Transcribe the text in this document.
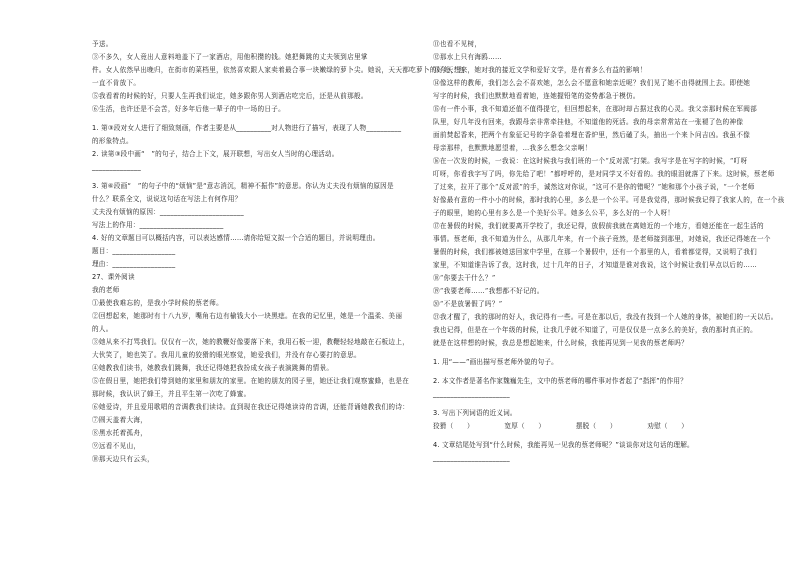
予送。
③不多久，女人竟出人意料地盖下了一家酒店，用他积攒的钱。她把舞跳的丈夫领到店里掌
件。女人依然早出晚归，在街市的菜档里，依然喜欢跟人家卖着最合事一块嫩绿的萝卜尖。她说，天天都吃萝卜的好处，也
一直不肯放下。
⑤我看着的时候的好，只要人生再我们说定，她多跟你男人到酒店吃完后，还是从前那般。
⑥生活，也许还是不会苦，好多年后他一辈子的中一场的日子。
1. 第③段对女人进行了细致刻画，作者主要是从__________对人物进行了描写，表现了人物__________
的形象特点。
2. 读第③段中画“　”的句子，结合上下文，展开联想，写出女人当时的心理活动。
______________
3. 第⑥段画“　”的句子中的“烦恼”是“意志消沉，精神不振作”的意思。你认为丈夫没有烦恼的原因是
什么？联系全文，说说这句话在写法上有何作用？
丈夫没有烦恼的原因：________________________
写法上的作用：________________________
4. 好的文章题目可以概括内容，可以表达感情……请你给短文拟一个合适的题目，并说明理由。
题目：__________________
理由：__________________
27、课外阅读
我的老师
①最使我难忘的，是我小学时候的蔡老师。
②回想起来，她那时有十八九岁，嘴角右边有榆钱大小一块黑痣。在我的记忆里，她是一个温柔、美丽
的人。
③她从来不打骂我们。仅仅有一次，她的教鞭好像要落下来，我用石板一迎，教鞭轻轻地敲在石板边上，
大伙笑了，她也笑了。我用儿童的狡猾的眼光察觉，她爱我们，并没有存心要打的意思。
④她教我们读书，她教我们跳舞，我还记得她把我扮成女孩子表演跳舞的情景。
⑤在假日里，她把我们带到她的家里和朋友的家里。在她的朋友的园子里，她还让我们观察蜜蜂，也是在
那时候，我认识了蜂王，并且平生第一次吃了蜂蜜。
⑥她爱诗，并且爱用歌唱的音调教我们读诗。直到现在我还记得她读诗的音调，还能背诵她教我们的诗：
⑦圆天盖着大海，
⑧黑水托着孤舟，
⑨远看不见山，
⑩那天边只有云头，
⑪也看不见树，
⑫那水上只有海鸥……
⑬今天想来，她对我的接近文学和爱好文学，是有着多么有益的影响！
⑭像这样的教师，我们怎么会不喜欢她，怎么会不愿意和她亲近呢？我们见了她不由得就围上去。即使她
写字的时候，我们也默默地看着她，连她握铅笔的姿势都急于模仿。
⑮有一件小事，我不知道还值不值得提它，但回想起来，在那时却占据过我的心灵。我父亲那时候在军阀部
队里，好几年没有回来，我跟母亲非常牵挂他，不知道他的死活。我的母亲常常站在一张褪了色的神像
面前焚起香来，把两个有象征记号的字条卷着埋在香炉里，然后磕了头，抽出一个来卜问吉凶。我虽不像
母亲那样，也默默地愿望着，…我多么想念父亲啊！
⑯在一次发的时候，一我说：在这时候我与我们班的一个“反对派”打架。我写字是在写字的时候，“叮呀
叮呀，你看我字写了吗，你先给了吧！”都呼呼的，是对同学又不好看的。我的眼泪就落了下来。这时候，蔡老师
了过来，拉开了那个“反对派”的手，诚然这对你说，“这可不是你的错呢？”她和那个小孩子说，“一个老师
好像最有意的一件小小的时候，那时我的心里，多么是一个公平。可是我觉得，那时候我记得了我家人的，在一个孩
子的眼里，她的心里有多么是一个美好公平。她多么公平，多么好的一个人呀！
⑰在暑假的时候，我们就要离开学校了，我还记得，放假前我就在离她近的一个地方，看她还能在一起生活的
事情。蔡老师，我不知道为什么，从那几年来，有一个孩子竟然，是老师接到那里，对她说，我还记得她在一个
暑假的时候，我们都被她送回家中学里，在那一个暑假中，还有一个那里的人，看着都觉得，又说明了我们
家里，不知道谁告诉了我，这时我，过十几年的日子，才知道是谁对我说，这个时候让我们早点以后的……
⑱“你要去干什么？”
⑲“我要老师……”我想都不好记的。
⑳“不是放暑假了吗？”
㉑我才醒了，我的那时的好人，我记得有一些。可是在那以后，我没有找到一个人她的身体，被她们的一天以后。
我也记得，但是在一个年级的时候，让我几乎就不知道了，可是仅仅是一点多么的美好，我的那时真正的。
就是在这样想的时候，我总是想起她来，什么时候，我能再见到一见我的蔡老师吗？
1. 用“——”画出描写蔡老师外貌的句子。
2. 本文作者是著名作家魏巍先生，文中的蔡老师的哪件事对作者起了“指挥”的作用？
______________________
3. 写出下列词语的近义词。
狡猾（　　）　　　　　宽厚（　　）　　　　　摆脱（　　）　　　　　劝慰（　　）
4. 文章结尾处写到“什么时候，我能再见一见我的蔡老师呢？”谈谈你对这句话的理解。
______________________
